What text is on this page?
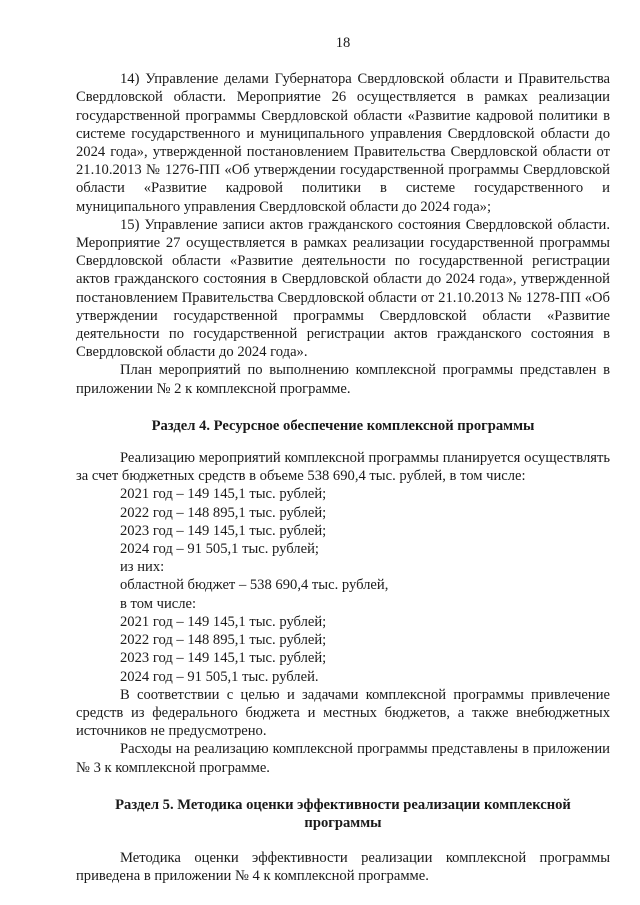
18

14) Управление делами Губернатора Свердловской области и Правительства Свердловской области. Мероприятие 26 осуществляется в рамках реализации государственной программы Свердловской области «Развитие кадровой политики в системе государственного и муниципального управления Свердловской области до 2024 года», утвержденной постановлением Правительства Свердловской области от 21.10.2013 № 1276-ПП «Об утверждении государственной программы Свердловской области «Развитие кадровой политики в системе государственного и муниципального управления Свердловской области до 2024 года»;

15) Управление записи актов гражданского состояния Свердловской области. Мероприятие 27 осуществляется в рамках реализации государственной программы Свердловской области «Развитие деятельности по государственной регистрации актов гражданского состояния в Свердловской области до 2024 года», утвержденной постановлением Правительства Свердловской области от 21.10.2013 № 1278-ПП «Об утверждении государственной программы Свердловской области «Развитие деятельности по государственной регистрации актов гражданского состояния в Свердловской области до 2024 года».

План мероприятий по выполнению комплексной программы представлен в приложении № 2 к комплексной программе.

Раздел 4. Ресурсное обеспечение комплексной программы

Реализацию мероприятий комплексной программы планируется осуществлять за счет бюджетных средств в объеме 538 690,4 тыс. рублей, в том числе:

2021 год – 149 145,1 тыс. рублей;
2022 год – 148 895,1 тыс. рублей;
2023 год – 149 145,1 тыс. рублей;
2024 год – 91 505,1 тыс. рублей;
из них:
областной бюджет – 538 690,4 тыс. рублей,
в том числе:
2021 год – 149 145,1 тыс. рублей;
2022 год – 148 895,1 тыс. рублей;
2023 год – 149 145,1 тыс. рублей;
2024 год – 91 505,1 тыс. рублей.

В соответствии с целью и задачами комплексной программы привлечение средств из федерального бюджета и местных бюджетов, а также внебюджетных источников не предусмотрено.

Расходы на реализацию комплексной программы представлены в приложении № 3 к комплексной программе.

Раздел 5. Методика оценки эффективности реализации комплексной
программы

Методика оценки эффективности реализации комплексной программы приведена в приложении № 4 к комплексной программе.
